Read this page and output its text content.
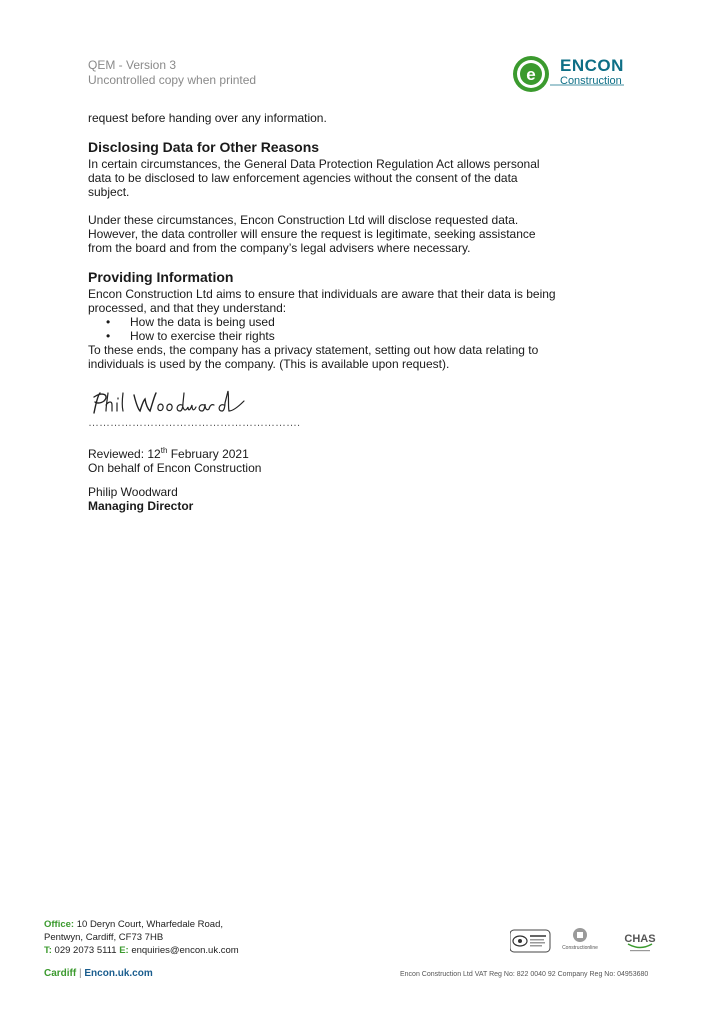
QEM - Version 3
Uncontrolled copy when printed	e ENCON
Construction

request before handing over any information.

Disclosing Data for Other Reasons

In certain circumstances, the General Data Protection Regulation Act allows personal data to be disclosed to law enforcement agencies without the consent of the data subject.

Under these circumstances, Encon Construction Ltd will disclose requested data. However, the data controller will ensure the request is legitimate, seeking assistance from the board and from the company’s legal advisers where necessary.

Providing Information

Encon Construction Ltd aims to ensure that individuals are aware that their data is being processed, and that they understand:

• How the data is being used
• How to exercise their rights

To these ends, the company has a privacy statement, setting out how data relating to individuals is used by the company. (This is available upon request).

………………………………………………….
Reviewed: 12th February 2021
On behalf of Encon Construction
Philip Woodward
Managing Director
Office: 10 Deryn Court, Wharfedale Road,
Pentwyn, Cardiff, CF73 7HB
T: 029 2073 5111 E: enquiries@encon.uk.com
Cardiff | Encon.uk.com
Constructionline
CHAS
Encon Construction Ltd VAT Reg No: 822 0040 92 Company Reg No: 04953680
